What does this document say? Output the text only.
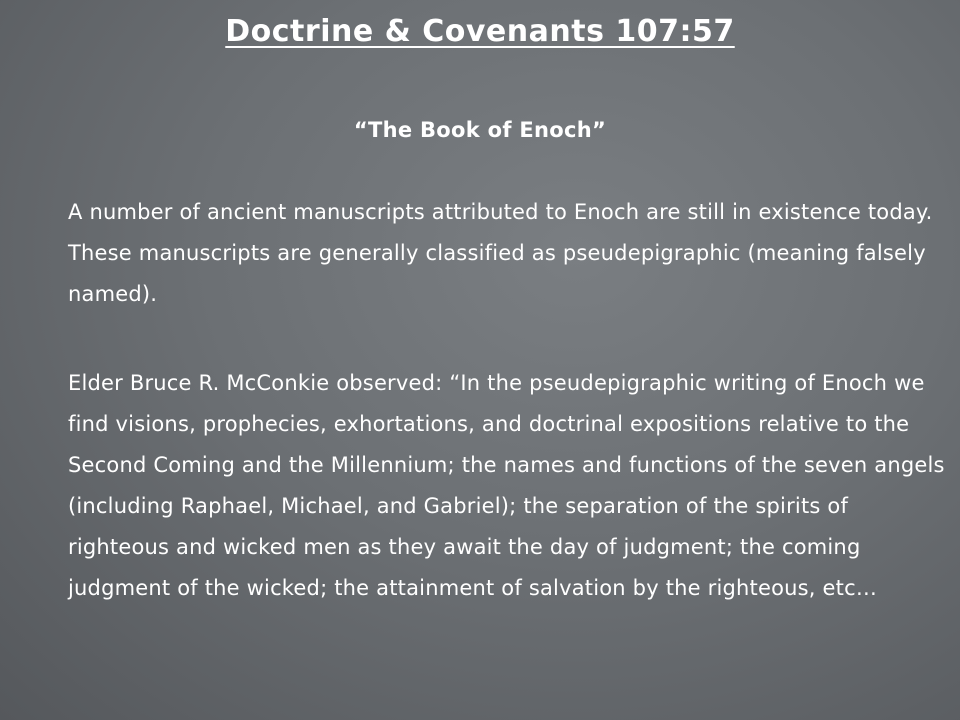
Doctrine & Covenants 107:57
“The Book of Enoch”
A number of ancient manuscripts attributed to Enoch are still in existence today. These manuscripts are generally classified as pseudepigraphic (meaning falsely named).
Elder Bruce R. McConkie observed: “In the pseudepigraphic writing of Enoch we find visions, prophecies, exhortations, and doctrinal expositions relative to the Second Coming and the Millennium; the names and functions of the seven angels (including Raphael, Michael, and Gabriel); the separation of the spirits of righteous and wicked men as they await the day of judgment; the coming judgment of the wicked; the attainment of salvation by the righteous, etc…
